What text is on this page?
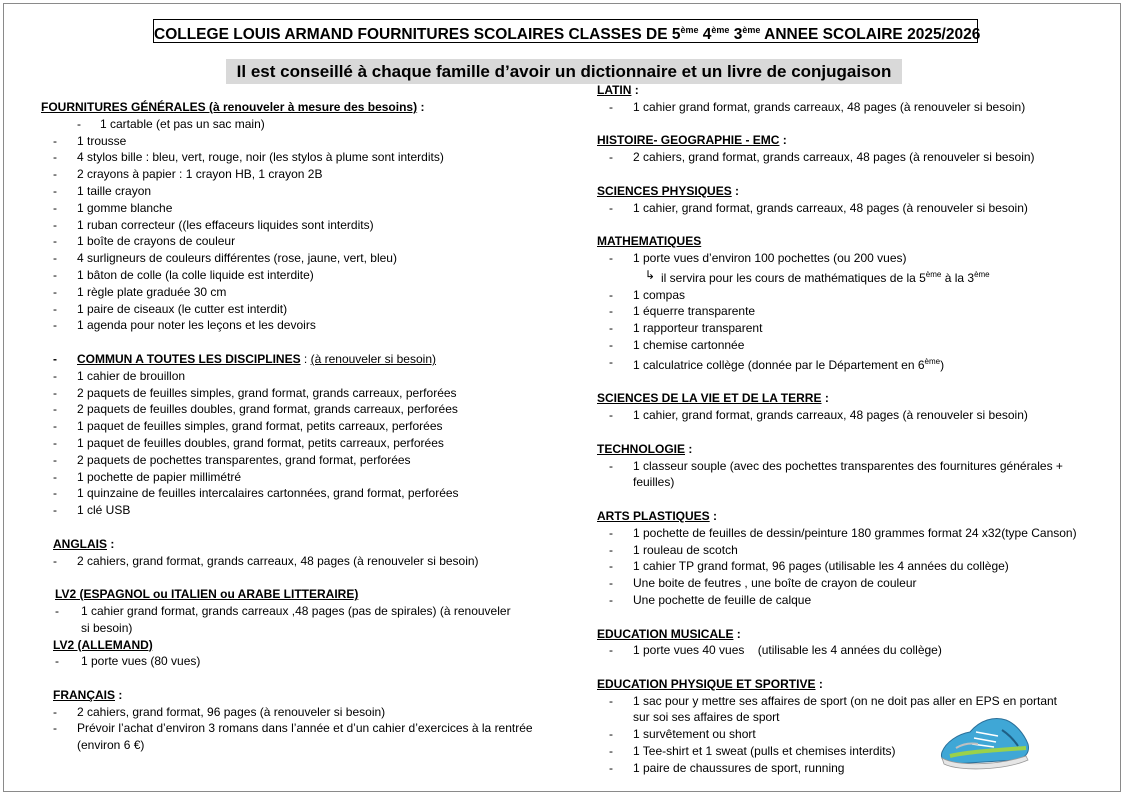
COLLEGE LOUIS ARMAND FOURNITURES SCOLAIRES CLASSES DE 5ème 4ème 3ème ANNEE SCOLAIRE 2025/2026
Il est conseillé à chaque famille d’avoir un dictionnaire et un livre de conjugaison
FOURNITURES GÉNÉRALES (à renouveler à mesure des besoins) :
- 1 cartable (et pas un sac main)
- 1 trousse
- 4 stylos bille : bleu, vert, rouge, noir (les stylos à plume sont interdits)
- 2 crayons à papier : 1 crayon HB, 1 crayon 2B
- 1 taille crayon
- 1 gomme blanche
- 1 ruban correcteur ((les effaceurs liquides sont interdits)
- 1 boîte de crayons de couleur
- 4 surligneurs de couleurs différentes (rose, jaune, vert, bleu)
- 1 bâton de colle (la colle liquide est interdite)
- 1 règle plate graduée 30 cm
- 1 paire de ciseaux (le cutter est interdit)
- 1 agenda pour noter les leçons et les devoirs
- COMMUN A TOUTES LES DISCIPLINES : (à renouveler si besoin)
- 1 cahier de brouillon
- 2 paquets de feuilles simples, grand format, grands carreaux, perforées
- 2 paquets de feuilles doubles, grand format, grands carreaux, perforées
- 1 paquet de feuilles simples, grand format, petits carreaux, perforées
- 1 paquet de feuilles doubles, grand format, petits carreaux, perforées
- 2 paquets de pochettes transparentes, grand format, perforées
- 1 pochette de papier millimétré
- 1 quinzaine de feuilles intercalaires cartonnées, grand format, perforées
- 1 clé USB
ANGLAIS :
- 2 cahiers, grand format, grands carreaux, 48 pages (à renouveler si besoin)
LV2 (ESPAGNOL ou ITALIEN ou ARABE LITTERAIRE)
- 1 cahier grand format, grands carreaux ,48 pages (pas de spirales) (à renouveler si besoin)
LV2 (ALLEMAND)
- 1 porte vues (80 vues)
FRANÇAIS :
- 2 cahiers, grand format, 96 pages (à renouveler si besoin)
- Prévoir l’achat d’environ 3 romans dans l’année et d’un cahier d’exercices à la rentrée (environ 6 €)
LATIN :
- 1 cahier grand format, grands carreaux, 48 pages (à renouveler si besoin)
HISTOIRE- GEOGRAPHIE - EMC :
- 2 cahiers, grand format, grands carreaux, 48 pages (à renouveler si besoin)
SCIENCES PHYSIQUES :
- 1 cahier, grand format, grands carreaux, 48 pages (à renouveler si besoin)
MATHEMATIQUES
- 1 porte vues d’environ 100 pochettes (ou 200 vues)
↳ il servira pour les cours de mathématiques de la 5ème à la 3ème
- 1 compas
- 1 équerre transparente
- 1 rapporteur transparent
- 1 chemise cartonnée
- 1 calculatrice collège (donnée par le Département en 6ème)
SCIENCES DE LA VIE ET DE LA TERRE :
- 1 cahier, grand format, grands carreaux, 48 pages (à renouveler si besoin)
TECHNOLOGIE :
- 1 classeur souple (avec des pochettes transparentes des fournitures générales + feuilles)
ARTS PLASTIQUES :
- 1 pochette de feuilles de dessin/peinture 180 grammes format 24 x32(type Canson)
- 1 rouleau de scotch
- 1 cahier TP grand format, 96 pages (utilisable les 4 années du collège)
- Une boite de feutres , une boîte de crayon de couleur
- Une pochette de feuille de calque
EDUCATION MUSICALE :
- 1 porte vues 40 vues    (utilisable les 4 années du collège)
EDUCATION PHYSIQUE ET SPORTIVE :
- 1 sac pour y mettre ses affaires de sport (on ne doit pas aller en EPS en portant sur soi ses affaires de sport
- 1 survêtement ou short
- 1 Tee-shirt et 1 sweat (pulls et chemises interdits)
- 1 paire de chaussures de sport, running
